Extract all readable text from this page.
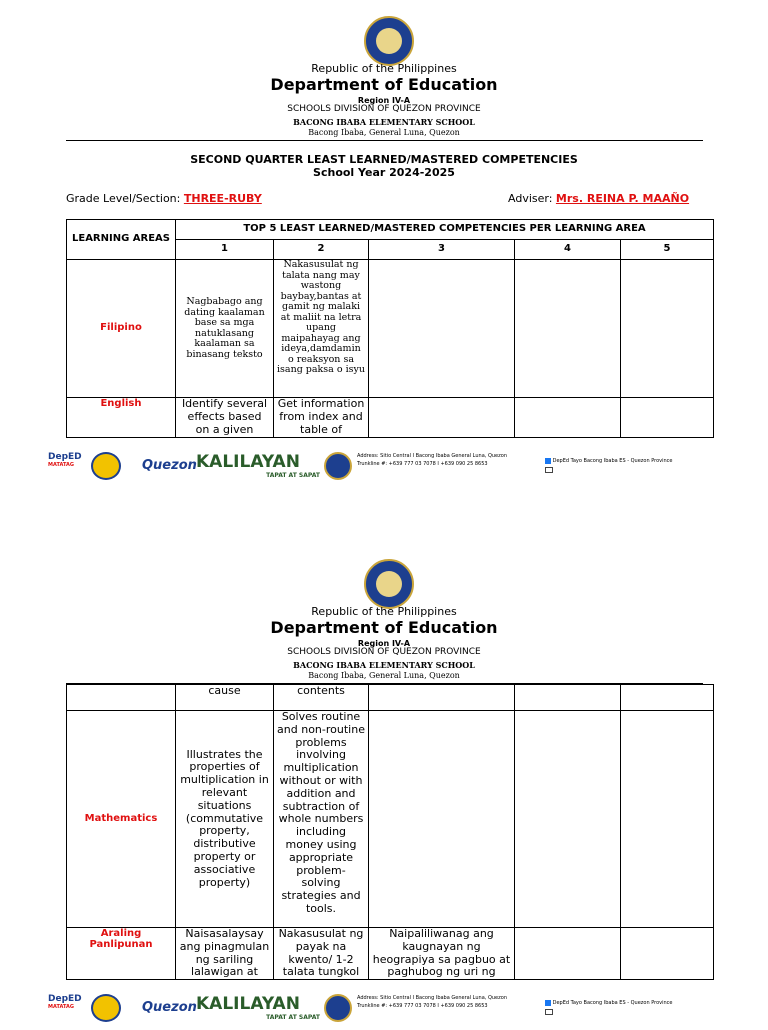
Republic of the Philippines
Department of Education
Region IV-A
SCHOOLS DIVISION OF QUEZON PROVINCE
BACONG IBABA ELEMENTARY SCHOOL
Bacong Ibaba, General Luna, Quezon
SECOND QUARTER LEAST LEARNED/MASTERED COMPETENCIES
School Year 2024-2025
Grade Level/Section: THREE-RUBY	Adviser: Mrs. REINA P. MAAÑO
LEARNING AREAS	TOP 5 LEAST LEARNED/MASTERED COMPETENCIES PER LEARNING AREA				
	1	2	3	4	5
Filipino	Nagbabago ang dating kaalaman base sa mga natuklasang kaalaman sa binasang teksto	Nakasusulat ng talata nang may wastong baybay,bantas at gamit ng malaki at maliit na letra upang maipahayag ang ideya,damdamin o reaksyon sa isang paksa o isyu			
English	Identify several effects based on a given	Get information from index and table of			
DepED
MATATAG	Quezon KALILAYAN
TAPAT AT SAPAT
Address: Sitio Central I Bacong Ibaba General Luna, Quezon
Trunkline #: +639 777 03 7078 I +639 090 25 8653	DepEd Tayo Bacong Ibaba ES - Quezon Province
Republic of the Philippines
Department of Education
Region IV-A
SCHOOLS DIVISION OF QUEZON PROVINCE
BACONG IBABA ELEMENTARY SCHOOL
Bacong Ibaba, General Luna, Quezon
	cause	contents			
Mathematics	Illustrates the properties of multiplication in relevant situations (commutative property, distributive property or associative property)	Solves routine and non-routine problems involving multiplication without or with addition and subtraction of whole numbers including money using appropriate problem-solving strategies and tools.			
Araling Panlipunan	Naisasalaysay ang pinagmulan ng sariling lalawigan at	Nakasusulat ng payak na kwento/ 1-2 talata tungkol	Naipaliliwanag ang kaugnayan ng heograpiya sa pagbuo at paghubog ng uri ng		
DepED
MATATAG	Quezon KALILAYAN
TAPAT AT SAPAT
Address: Sitio Central I Bacong Ibaba General Luna, Quezon
Trunkline #: +639 777 03 7078 I +639 090 25 8653	DepEd Tayo Bacong Ibaba ES - Quezon Province
